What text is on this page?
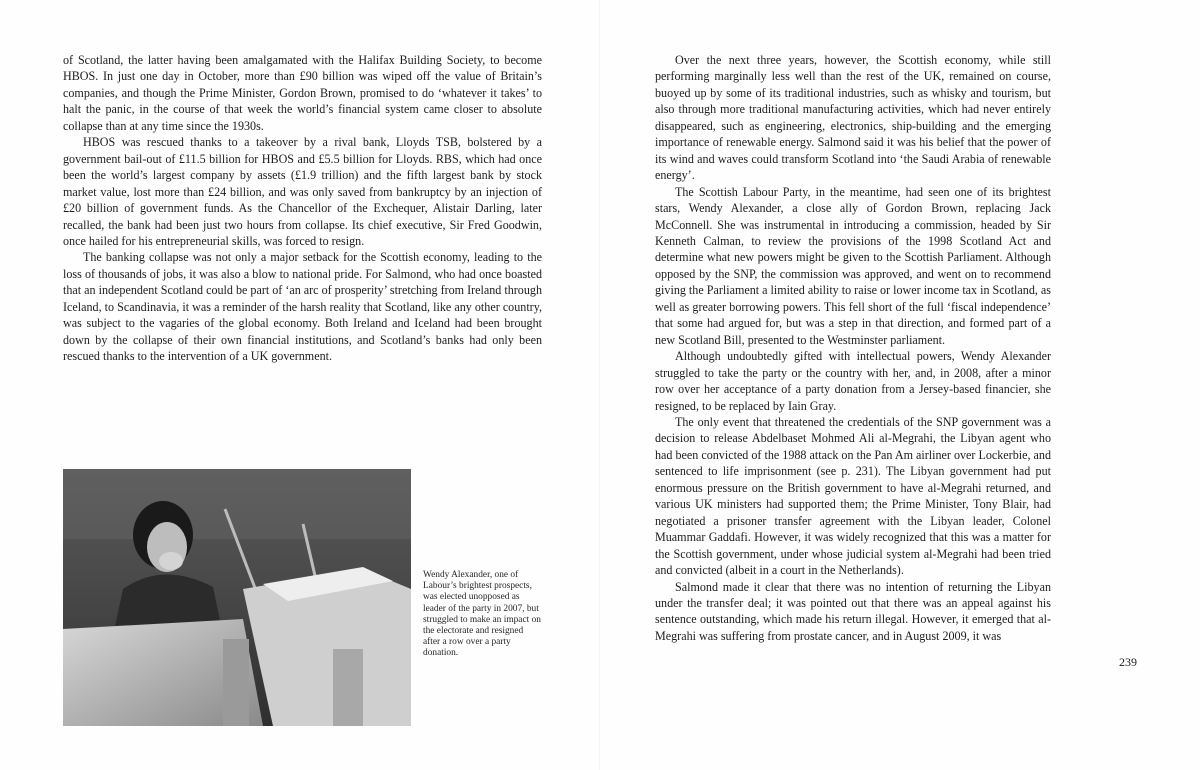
of Scotland, the latter having been amalgamated with the Halifax Building Society, to become HBOS. In just one day in October, more than £90 billion was wiped off the value of Britain’s companies, and though the Prime Minister, Gordon Brown, promised to do ‘whatever it takes’ to halt the panic, in the course of that week the world’s financial system came closer to absolute collapse than at any time since the 1930s.

HBOS was rescued thanks to a takeover by a rival bank, Lloyds TSB, bolstered by a government bail-out of £11.5 billion for HBOS and £5.5 billion for Lloyds. RBS, which had once been the world’s largest company by assets (£1.9 trillion) and the fifth largest bank by stock market value, lost more than £24 billion, and was only saved from bankruptcy by an injection of £20 billion of government funds. As the Chancellor of the Exchequer, Alistair Darling, later recalled, the bank had been just two hours from collapse. Its chief executive, Sir Fred Goodwin, once hailed for his entrepreneurial skills, was forced to resign.

The banking collapse was not only a major setback for the Scottish economy, leading to the loss of thousands of jobs, it was also a blow to national pride. For Salmond, who had once boasted that an independent Scotland could be part of ‘an arc of prosperity’ stretching from Ireland through Iceland, to Scandinavia, it was a reminder of the harsh reality that Scotland, like any other country, was subject to the vagaries of the global economy. Both Ireland and Iceland had been brought down by the collapse of their own financial institutions, and Scotland’s banks had only been rescued thanks to the intervention of a UK government.

Wendy Alexander, one of Labour’s brightest prospects, was elected unopposed as leader of the party in 2007, but struggled to make an impact on the electorate and resigned after a row over a party donation.

Over the next three years, however, the Scottish economy, while still performing marginally less well than the rest of the UK, remained on course, buoyed up by some of its traditional industries, such as whisky and tourism, but also through more traditional manufacturing activities, which had never entirely disappeared, such as engineering, electronics, ship-building and the emerging importance of renewable energy. Salmond said it was his belief that the power of its wind and waves could transform Scotland into ‘the Saudi Arabia of renewable energy’.

The Scottish Labour Party, in the meantime, had seen one of its brightest stars, Wendy Alexander, a close ally of Gordon Brown, replacing Jack McConnell. She was instrumental in introducing a commission, headed by Sir Kenneth Calman, to review the provisions of the 1998 Scotland Act and determine what new powers might be given to the Scottish Parliament. Although opposed by the SNP, the commission was approved, and went on to recommend giving the Parliament a limited ability to raise or lower income tax in Scotland, as well as greater borrowing powers. This fell short of the full ‘fiscal independence’ that some had argued for, but was a step in that direction, and formed part of a new Scotland Bill, presented to the Westminster parliament.

Although undoubtedly gifted with intellectual powers, Wendy Alexander struggled to take the party or the country with her, and, in 2008, after a minor row over her acceptance of a party donation from a Jersey-based financier, she resigned, to be replaced by Iain Gray.

The only event that threatened the credentials of the SNP government was a decision to release Abdelbaset Mohmed Ali al-Megrahi, the Libyan agent who had been convicted of the 1988 attack on the Pan Am airliner over Lockerbie, and sentenced to life imprisonment (see p. 231). The Libyan government had put enormous pressure on the British government to have al-Megrahi returned, and various UK ministers had supported them; the Prime Minister, Tony Blair, had negotiated a prisoner transfer agreement with the Libyan leader, Colonel Muammar Gaddafi. However, it was widely recognized that this was a matter for the Scottish government, under whose judicial system al-Megrahi had been tried and convicted (albeit in a court in the Netherlands).

Salmond made it clear that there was no intention of returning the Libyan under the transfer deal; it was pointed out that there was an appeal against his sentence outstanding, which made his return illegal. However, it emerged that al-Megrahi was suffering from prostate cancer, and in August 2009, it was

239
